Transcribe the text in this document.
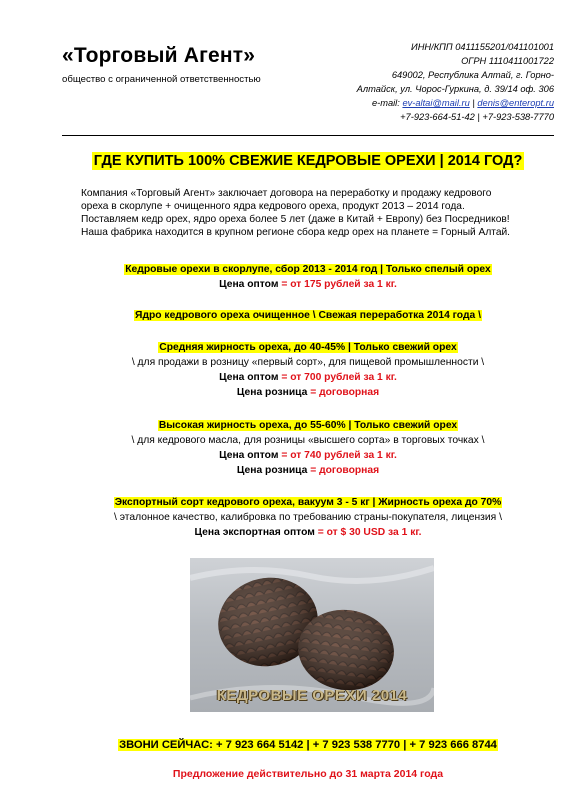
«Торговый Агент»
общество с ограниченной ответственностью
ИНН/КПП 0411155201/041101001
ОГРН 1110411001722
649002, Республика Алтай, г. Горно-
Алтайск, ул. Чорос-Гуркина, д. 39/14 оф. 306
e-mail: ev-altai@mail.ru | denis@enteropt.ru
+7-923-664-51-42 | +7-923-538-7770
ГДЕ КУПИТЬ 100% СВЕЖИЕ КЕДРОВЫЕ ОРЕХИ | 2014 ГОД?
Компания «Торговый Агент» заключает договора на переработку и продажу кедрового
ореха в скорлупе + очищенного ядра кедрового ореха, продукт 2013 – 2014 года.
Поставляем кедр орех, ядро ореха более 5 лет (даже в Китай + Европу) без Посредников!
Наша фабрика находится в крупном регионе сбора кедр орех на планете = Горный Алтай.
Кедровые орехи в скорлупе, сбор 2013 - 2014 год | Только спелый орех
Цена оптом = от 175 рублей за 1 кг.
Ядро кедрового ореха очищенное \ Свежая переработка 2014 года \
Средняя жирность ореха, до 40-45% | Только свежий орех
\ для продажи в розницу «первый сорт», для пищевой промышленности \
Цена оптом = от 700 рублей за 1 кг.
Цена розница = договорная
Высокая жирность ореха, до 55-60% | Только свежий орех
\ для кедрового масла, для розницы «высшего сорта» в торговых точках \
Цена оптом = от 740 рублей за 1 кг.
Цена розница = договорная
Экспортный сорт кедрового ореха, вакуум 3 - 5 кг | Жирность ореха до 70%
\ эталонное качество, калибровка по требованию страны-покупателя, лицензия \
Цена экспортная оптом = от $ 30 USD за 1 кг.
КЕДРОВЫЕ ОРЕХИ 2014
ЗВОНИ СЕЙЧАС: + 7 923 664 5142 | + 7 923 538 7770 | + 7 923 666 8744
Предложение действительно до 31 марта 2014 года
